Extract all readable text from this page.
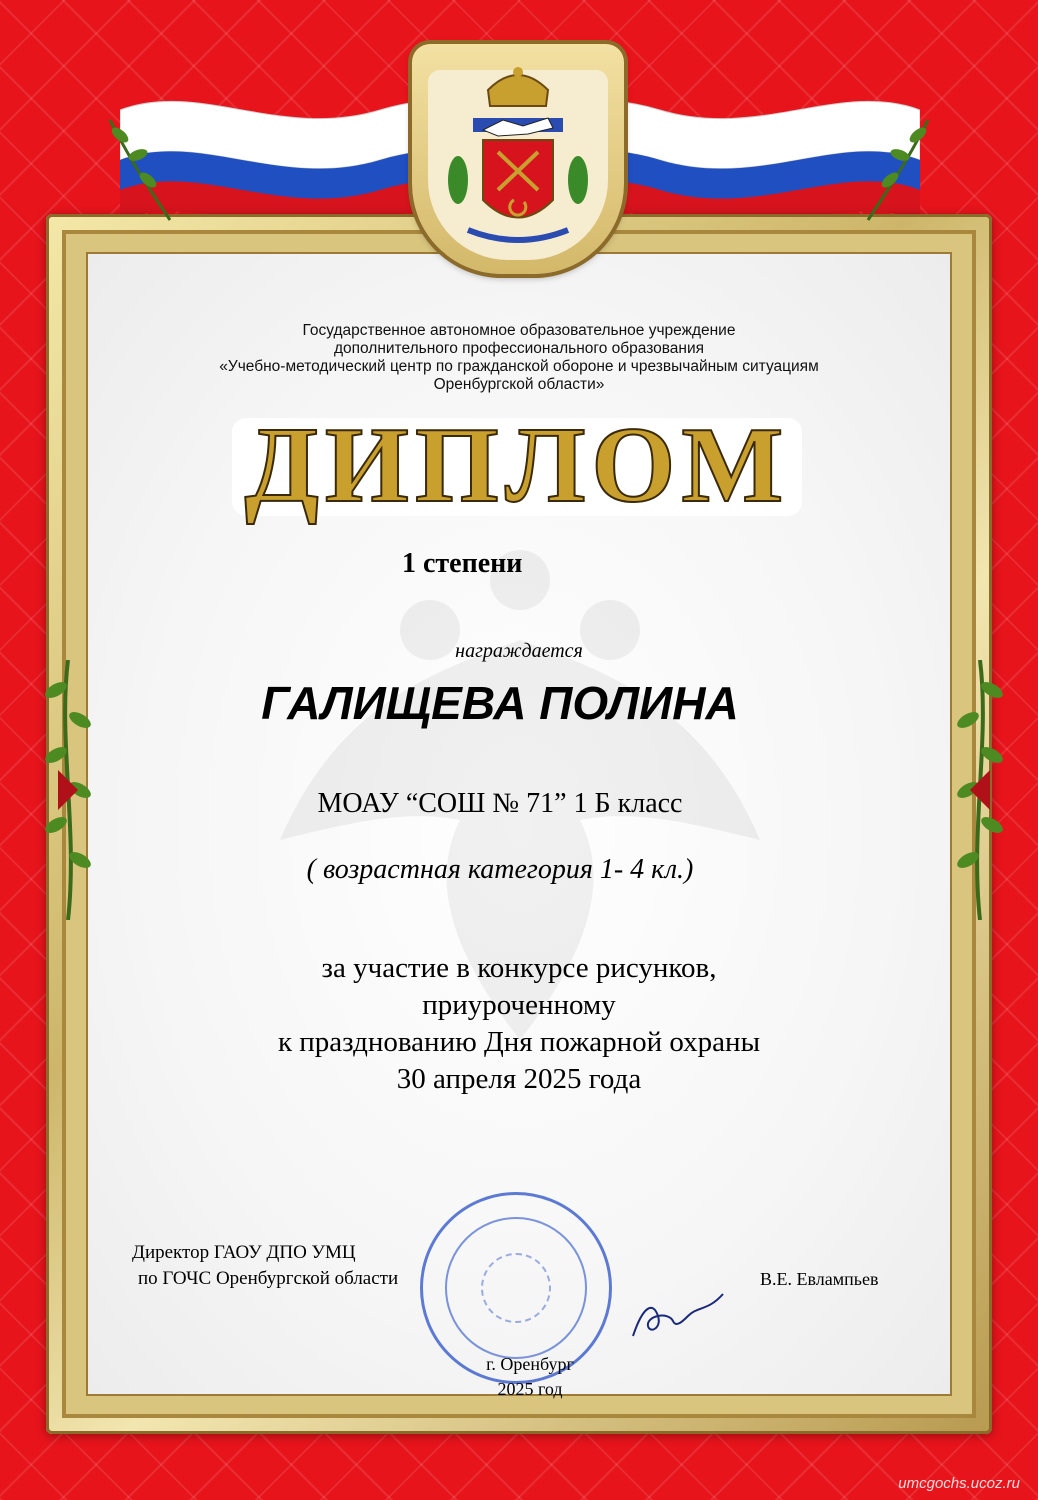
Государственное автономное образовательное учреждение
дополнительного профессионального образования
«Учебно-методический центр по гражданской обороне и чрезвычайным ситуациям
Оренбургской области»
ДИПЛОМ
1 степени
награждается
ГАЛИЩЕВА ПОЛИНА
МОАУ “СОШ № 71” 1 Б класс
( возрастная категория 1- 4 кл.)
за участие в конкурсе рисунков,
приуроченному
к празднованию Дня пожарной охраны
30 апреля 2025 года
Директор ГАОУ ДПО УМЦ
по ГОЧС Оренбургской области	В.Е. Евлампьев
г. Оренбург
2025 год
umcgochs.ucoz.ru
